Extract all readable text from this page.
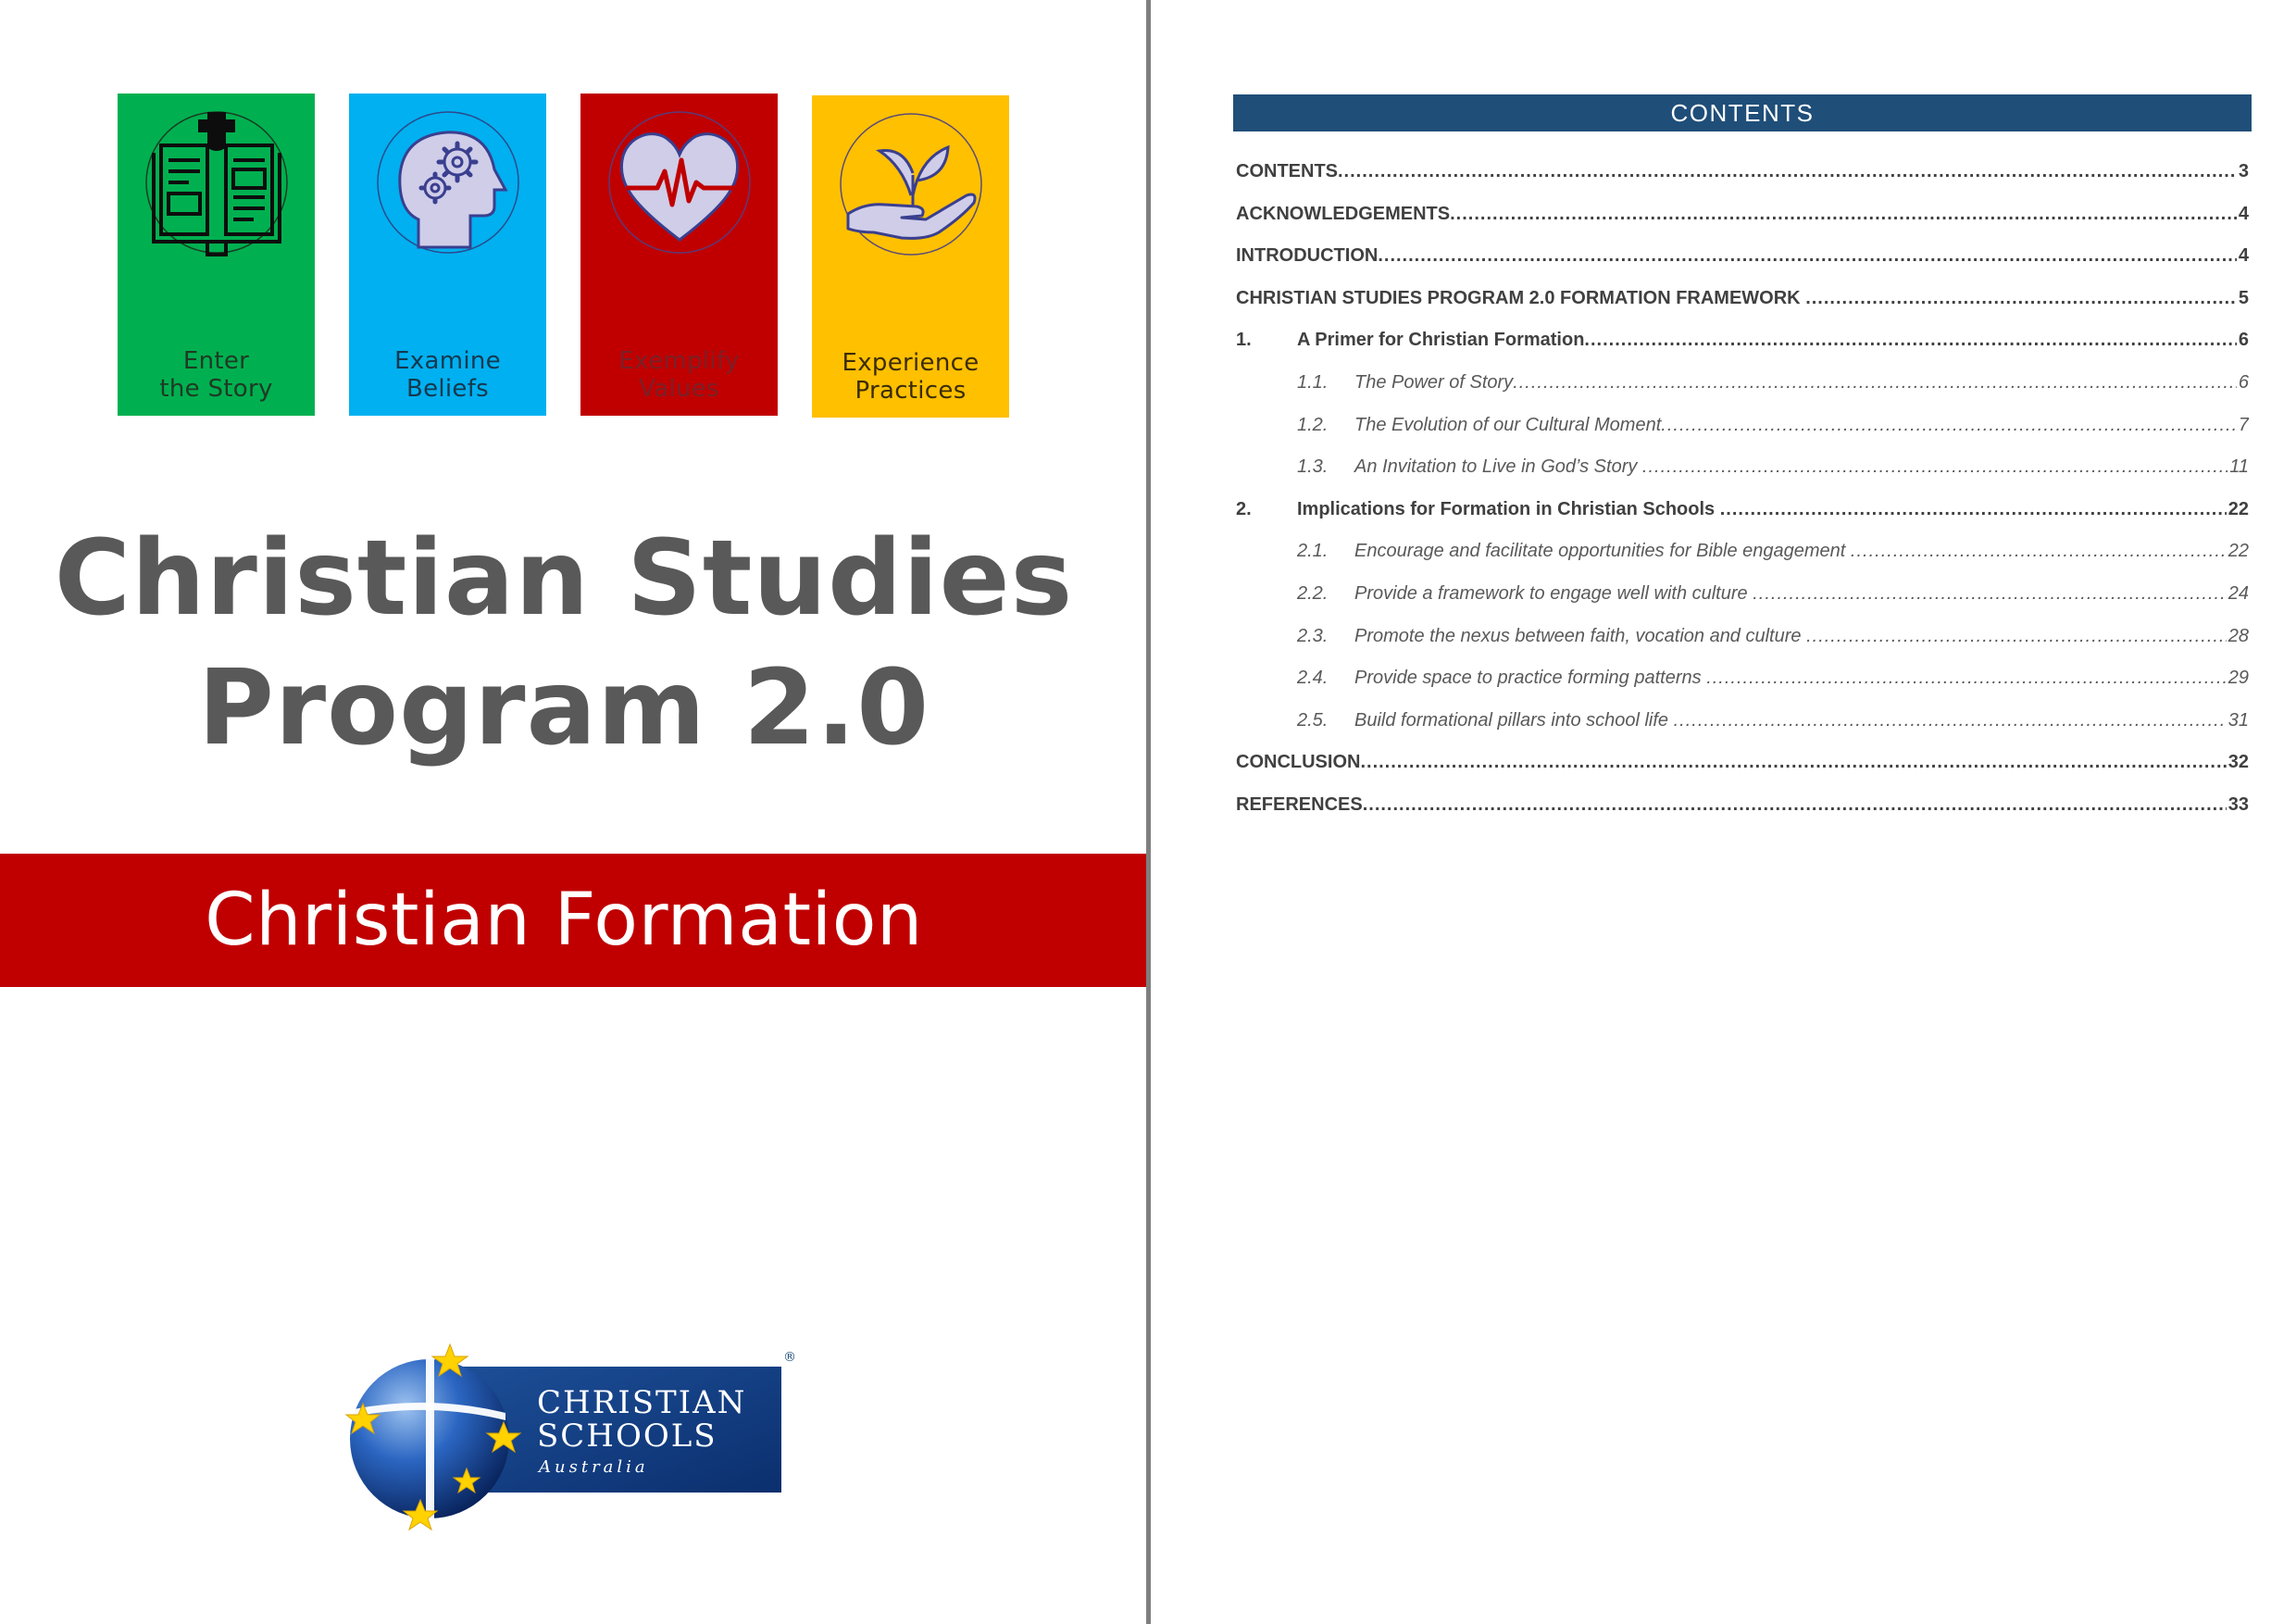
Enter
the Story
Examine
Beliefs
Exemplify
Values
Experience
Practices
Christian Studies
Program 2.0
Christian Formation
CHRISTIAN
SCHOOLS
Australia
®
CONTENTS
CONTENTS .....	3
ACKNOWLEDGEMENTS .....	4
INTRODUCTION .....	4
CHRISTIAN STUDIES PROGRAM 2.0 FORMATION FRAMEWORK .....	5
1.	A Primer for Christian Formation .....	6
1.1.	The Power of Story .....	6
1.2.	The Evolution of our Cultural Moment .....	7
1.3.	An Invitation to Live in God’s Story .....	11
2.	Implications for Formation in Christian Schools .....	22
2.1.	Encourage and facilitate opportunities for Bible engagement .....	22
2.2.	Provide a framework to engage well with culture .....	24
2.3.	Promote the nexus between faith, vocation and culture .....	28
2.4.	Provide space to practice forming patterns .....	29
2.5.	Build formational pillars into school life .....	31
CONCLUSION .....	32
REFERENCES .....	33
